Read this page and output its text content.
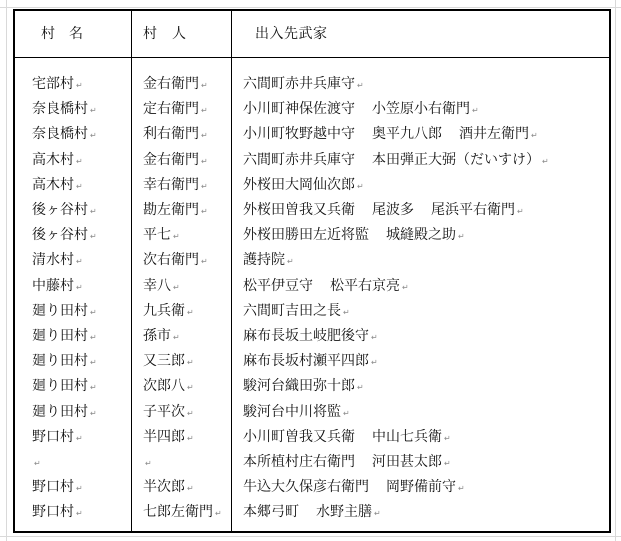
村　名	村　人	出入先武家
宅部村 ↵	金右衛門 ↵	六間町赤井兵庫守 ↵
奈良橋村 ↵	定右衛門 ↵	小川町神保佐渡守 小笠原小右衛門 ↵
奈良橋村 ↵	利右衛門 ↵	小川町牧野越中守 奥平九八郎 酒井左衛門 ↵
高木村 ↵	金右衛門 ↵	六間町赤井兵庫守 本田弾正大弼（だいすけ） ↵
高木村 ↵	幸右衛門 ↵	外桜田大岡仙次郎 ↵
後ヶ谷村 ↵	勘左衛門 ↵	外桜田曽我又兵衛 尾波多 尾浜平右衛門 ↵
後ヶ谷村 ↵	平七 ↵	外桜田勝田左近将監 城縫殿之助 ↵
清水村 ↵	次右衛門 ↵	護持院 ↵
中藤村 ↵	幸八 ↵	松平伊豆守 松平右京亮 ↵
廻り田村 ↵	九兵衛 ↵	六間町吉田之長 ↵
廻り田村 ↵	孫市 ↵	麻布長坂土岐肥後守 ↵
廻り田村 ↵	又三郎 ↵	麻布長坂村瀬平四郎 ↵
廻り田村 ↵	次郎八 ↵	駿河台織田弥十郎 ↵
廻り田村 ↵	子平次 ↵	駿河台中川将監 ↵
野口村 ↵	半四郎 ↵	小川町曽我又兵衛 中山七兵衛 ↵
↵	↵	本所植村庄右衛門 河田甚太郎 ↵
野口村 ↵	半次郎 ↵	牛込大久保彦右衛門 岡野備前守 ↵
野口村 ↵	七郎左衛門 ↵ 本郷弓町 水野主膳 ↵
